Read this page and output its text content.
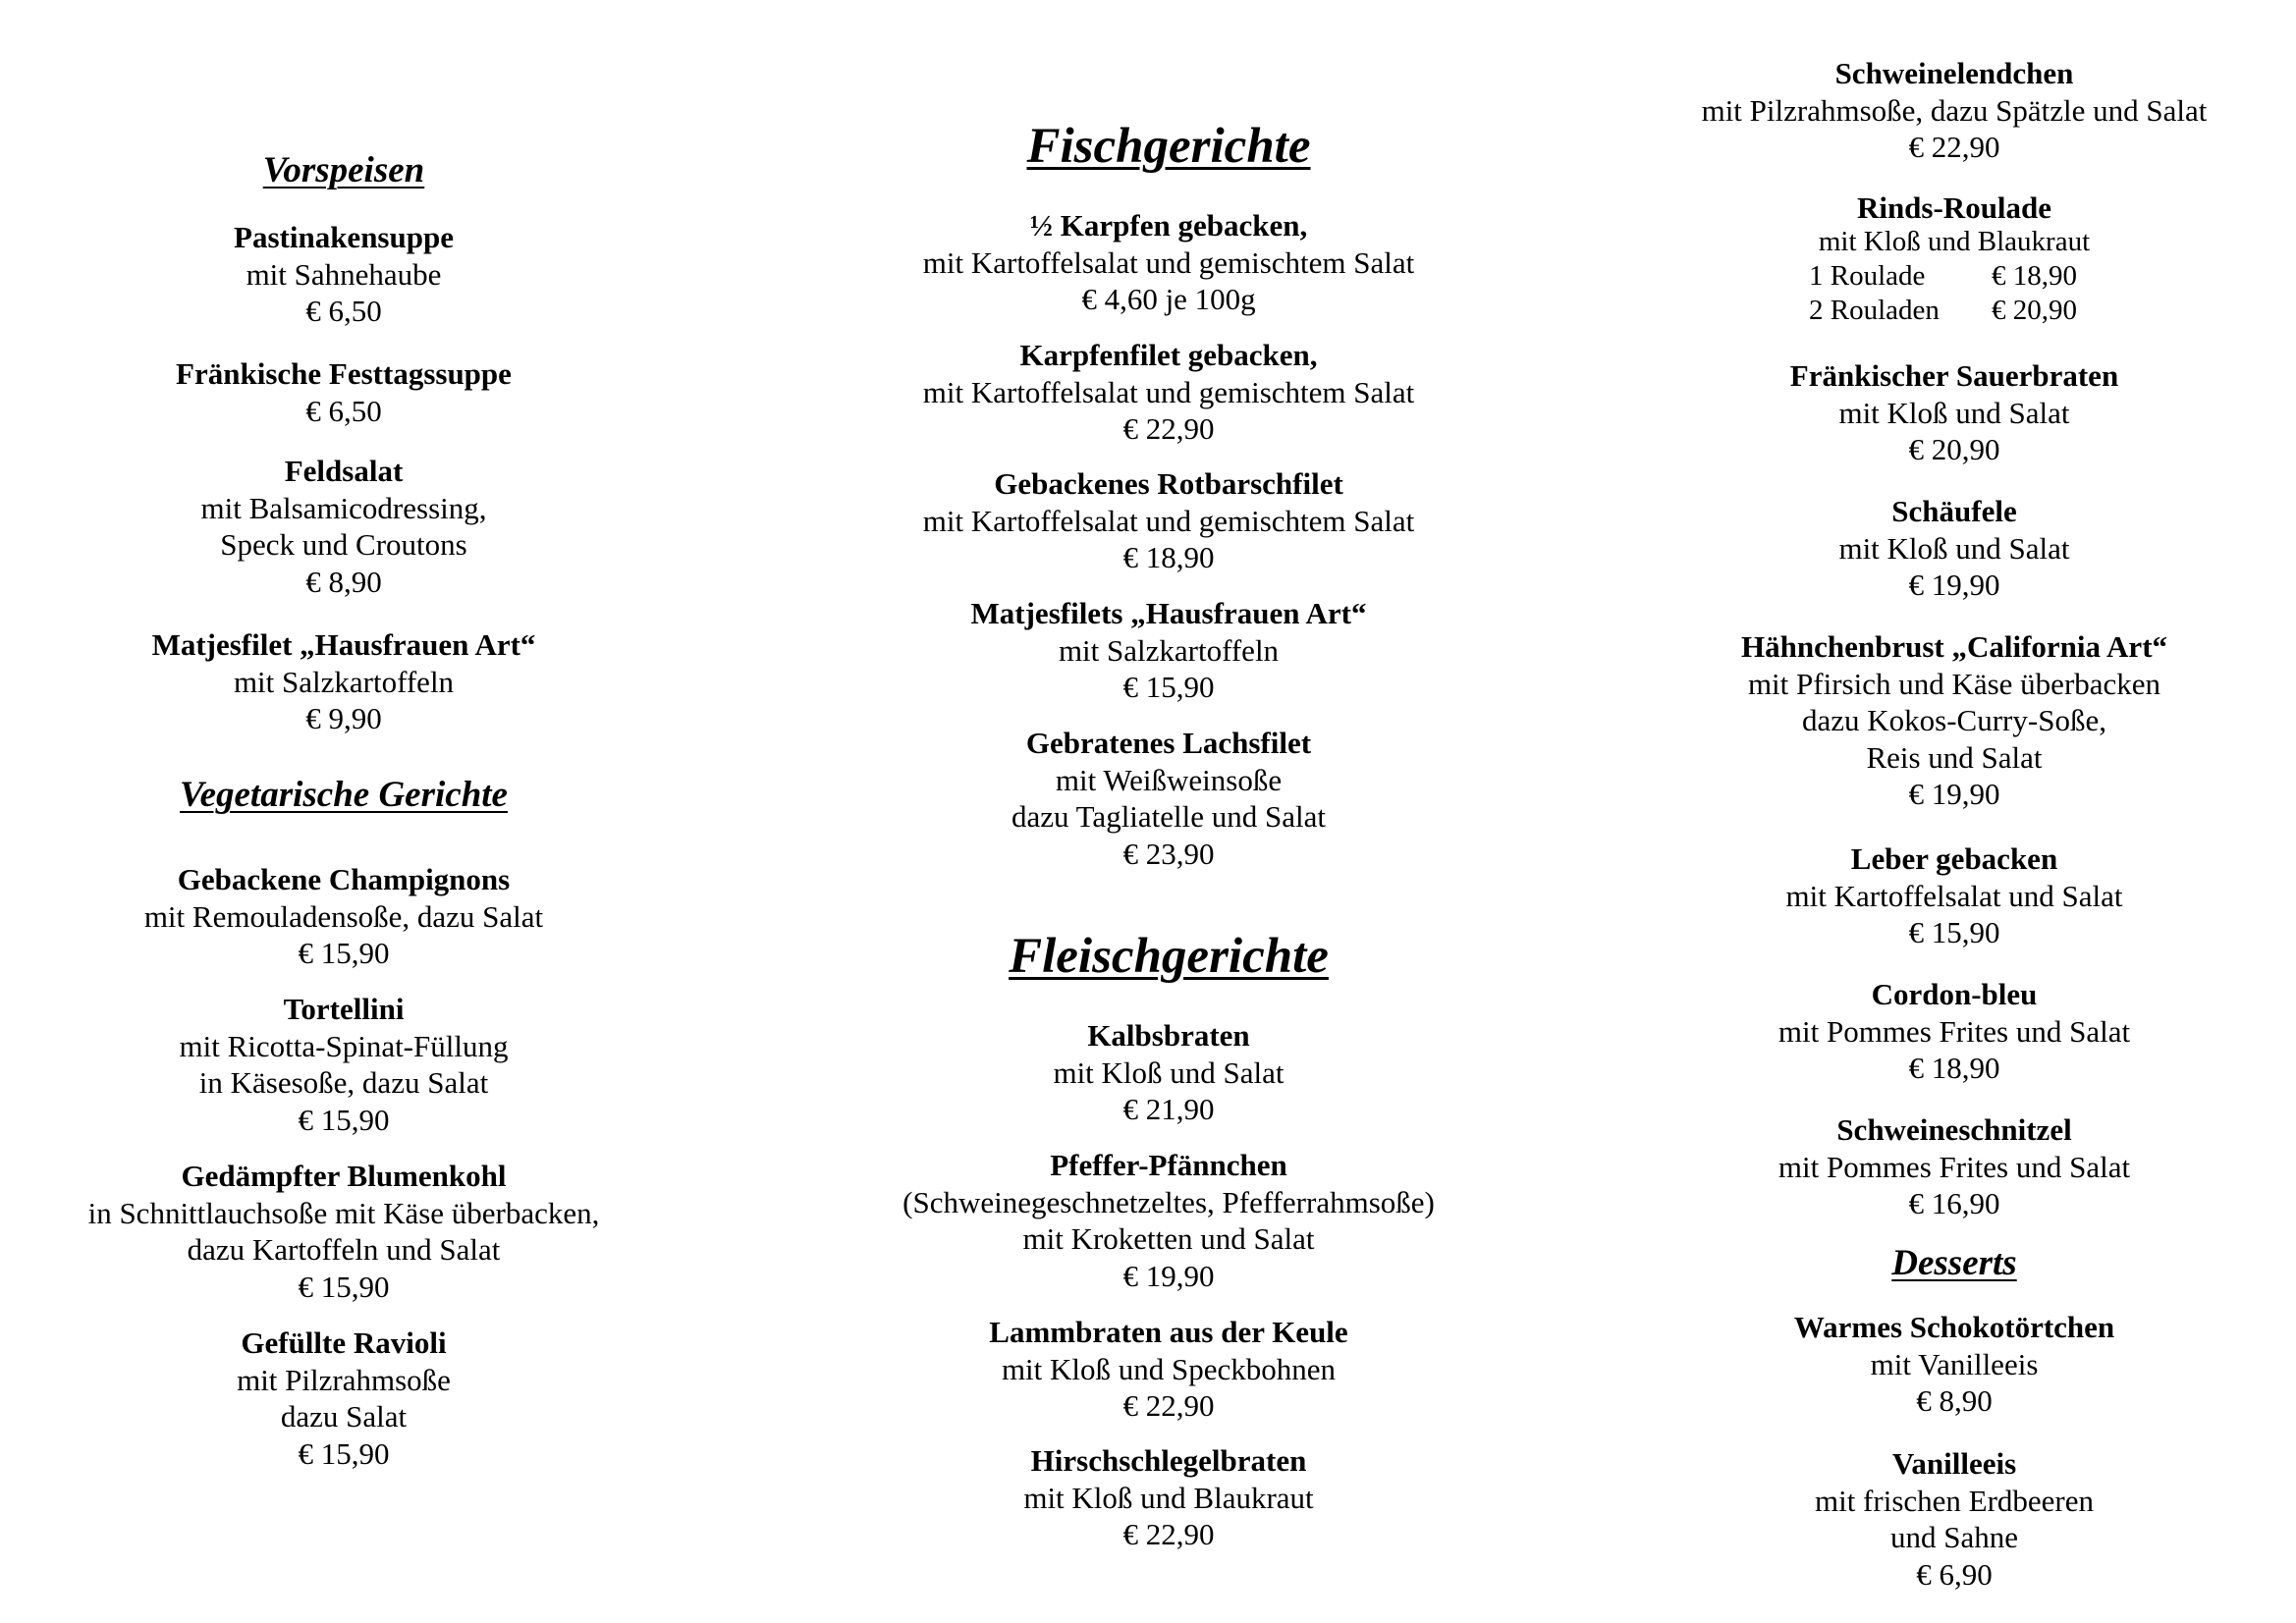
Vorspeisen
Pastinakensuppe
mit Sahnehaube
€ 6,50
Fränkische Festtagssuppe
€ 6,50
Feldsalat
mit Balsamicodressing,
Speck und Croutons
€ 8,90
Matjesfilet „Hausfrauen Art“
mit Salzkartoffeln
€ 9,90
Vegetarische Gerichte
Gebackene Champignons
mit Remouladensoße, dazu Salat
€ 15,90
Tortellini
mit Ricotta-Spinat-Füllung
in Käsesoße, dazu Salat
€ 15,90
Gedämpfter Blumenkohl
in Schnittlauchsoße mit Käse überbacken,
dazu Kartoffeln und Salat
€ 15,90
Gefüllte Ravioli
mit Pilzrahmsoße
dazu Salat
€ 15,90
Fischgerichte
½ Karpfen gebacken,
mit Kartoffelsalat und gemischtem Salat
€ 4,60 je 100g
Karpfenfilet gebacken,
mit Kartoffelsalat und gemischtem Salat
€ 22,90
Gebackenes Rotbarschfilet
mit Kartoffelsalat und gemischtem Salat
€ 18,90
Matjesfilets „Hausfrauen Art“
mit Salzkartoffeln
€ 15,90
Gebratenes Lachsfilet
mit Weißweinsoße
dazu Tagliatelle und Salat
€ 23,90
Fleischgerichte
Kalbsbraten
mit Kloß und Salat
€ 21,90
Pfeffer-Pfännchen
(Schweinegeschnetzeltes, Pfefferrahmsoße)
mit Kroketten und Salat
€ 19,90
Lammbraten aus der Keule
mit Kloß und Speckbohnen
€ 22,90
Hirschschlegelbraten
mit Kloß und Blaukraut
€ 22,90
Schweinelendchen
mit Pilzrahmsoße, dazu Spätzle und Salat
€ 22,90
Rinds-Roulade
mit Kloß und Blaukraut
1 Roulade	€ 18,90
2 Rouladen	€ 20,90
Fränkischer Sauerbraten
mit Kloß und Salat
€ 20,90
Schäufele
mit Kloß und Salat
€ 19,90
Hähnchenbrust „California Art“
mit Pfirsich und Käse überbacken
dazu Kokos-Curry-Soße,
Reis und Salat
€ 19,90
Leber gebacken
mit Kartoffelsalat und Salat
€ 15,90
Cordon-bleu
mit Pommes Frites und Salat
€ 18,90
Schweineschnitzel
mit Pommes Frites und Salat
€ 16,90
Desserts
Warmes Schokotörtchen
mit Vanilleeis
€ 8,90
Vanilleeis
mit frischen Erdbeeren
und Sahne
€ 6,90
